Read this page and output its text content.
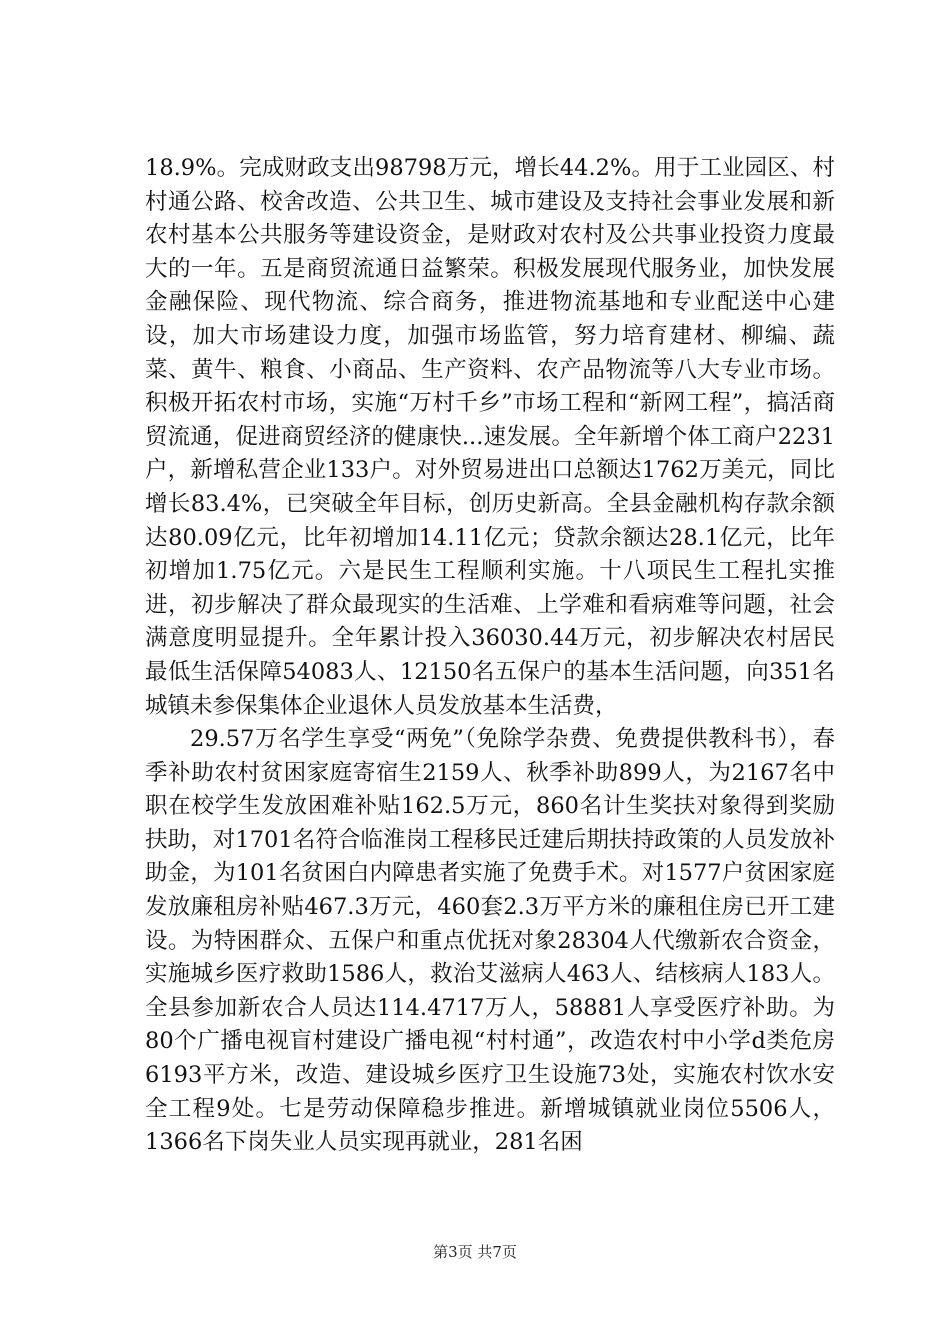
18.9%。完成财政支出98798万元，增长44.2%。用于工业园区、村村通公路、校舍改造、公共卫生、城市建设及支持社会事业发展和新农村基本公共服务等建设资金，是财政对农村及公共事业投资力度最大的一年。五是商贸流通日益繁荣。积极发展现代服务业，加快发展金融保险、现代物流、综合商务，推进物流基地和专业配送中心建设，加大市场建设力度，加强市场监管，努力培育建材、柳编、蔬菜、黄牛、粮食、小商品、生产资料、农产品物流等八大专业市场。积极开拓农村市场，实施“万村千乡”市场工程和“新网工程”，搞活商贸流通，促进商贸经济的健康快...速发展。全年新增个体工商户2231户，新增私营企业133户。对外贸易进出口总额达1762万美元，同比增长83.4%，已突破全年目标，创历史新高。全县金融机构存款余额达80.09亿元，比年初增加14.11亿元；贷款余额达28.1亿元，比年初增加1.75亿元。六是民生工程顺利实施。十八项民生工程扎实推进，初步解决了群众最现实的生活难、上学难和看病难等问题，社会满意度明显提升。全年累计投入36030.44万元，初步解决农村居民最低生活保障54083人、12150名五保户的基本生活问题，向351名城镇未参保集体企业退休人员发放基本生活费，

29.57万名学生享受“两免”（免除学杂费、免费提供教科书），春季补助农村贫困家庭寄宿生2159人、秋季补助899人，为2167名中职在校学生发放困难补贴162.5万元，860名计生奖扶对象得到奖励扶助，对1701名符合临淮岗工程移民迁建后期扶持政策的人员发放补助金，为101名贫困白内障患者实施了免费手术。对1577户贫困家庭发放廉租房补贴467.3万元，460套2.3万平方米的廉租住房已开工建设。为特困群众、五保户和重点优抚对象28304人代缴新农合资金，实施城乡医疗救助1586人，救治艾滋病人463人、结核病人183人。全县参加新农合人员达114.4717万人，58881人享受医疗补助。为80个广播电视盲村建设广播电视“村村通”，改造农村中小学d类危房6193平方米，改造、建设城乡医疗卫生设施73处，实施农村饮水安全工程9处。七是劳动保障稳步推进。新增城镇就业岗位5506人，1366名下岗失业人员实现再就业，281名困

第3页 共7页
